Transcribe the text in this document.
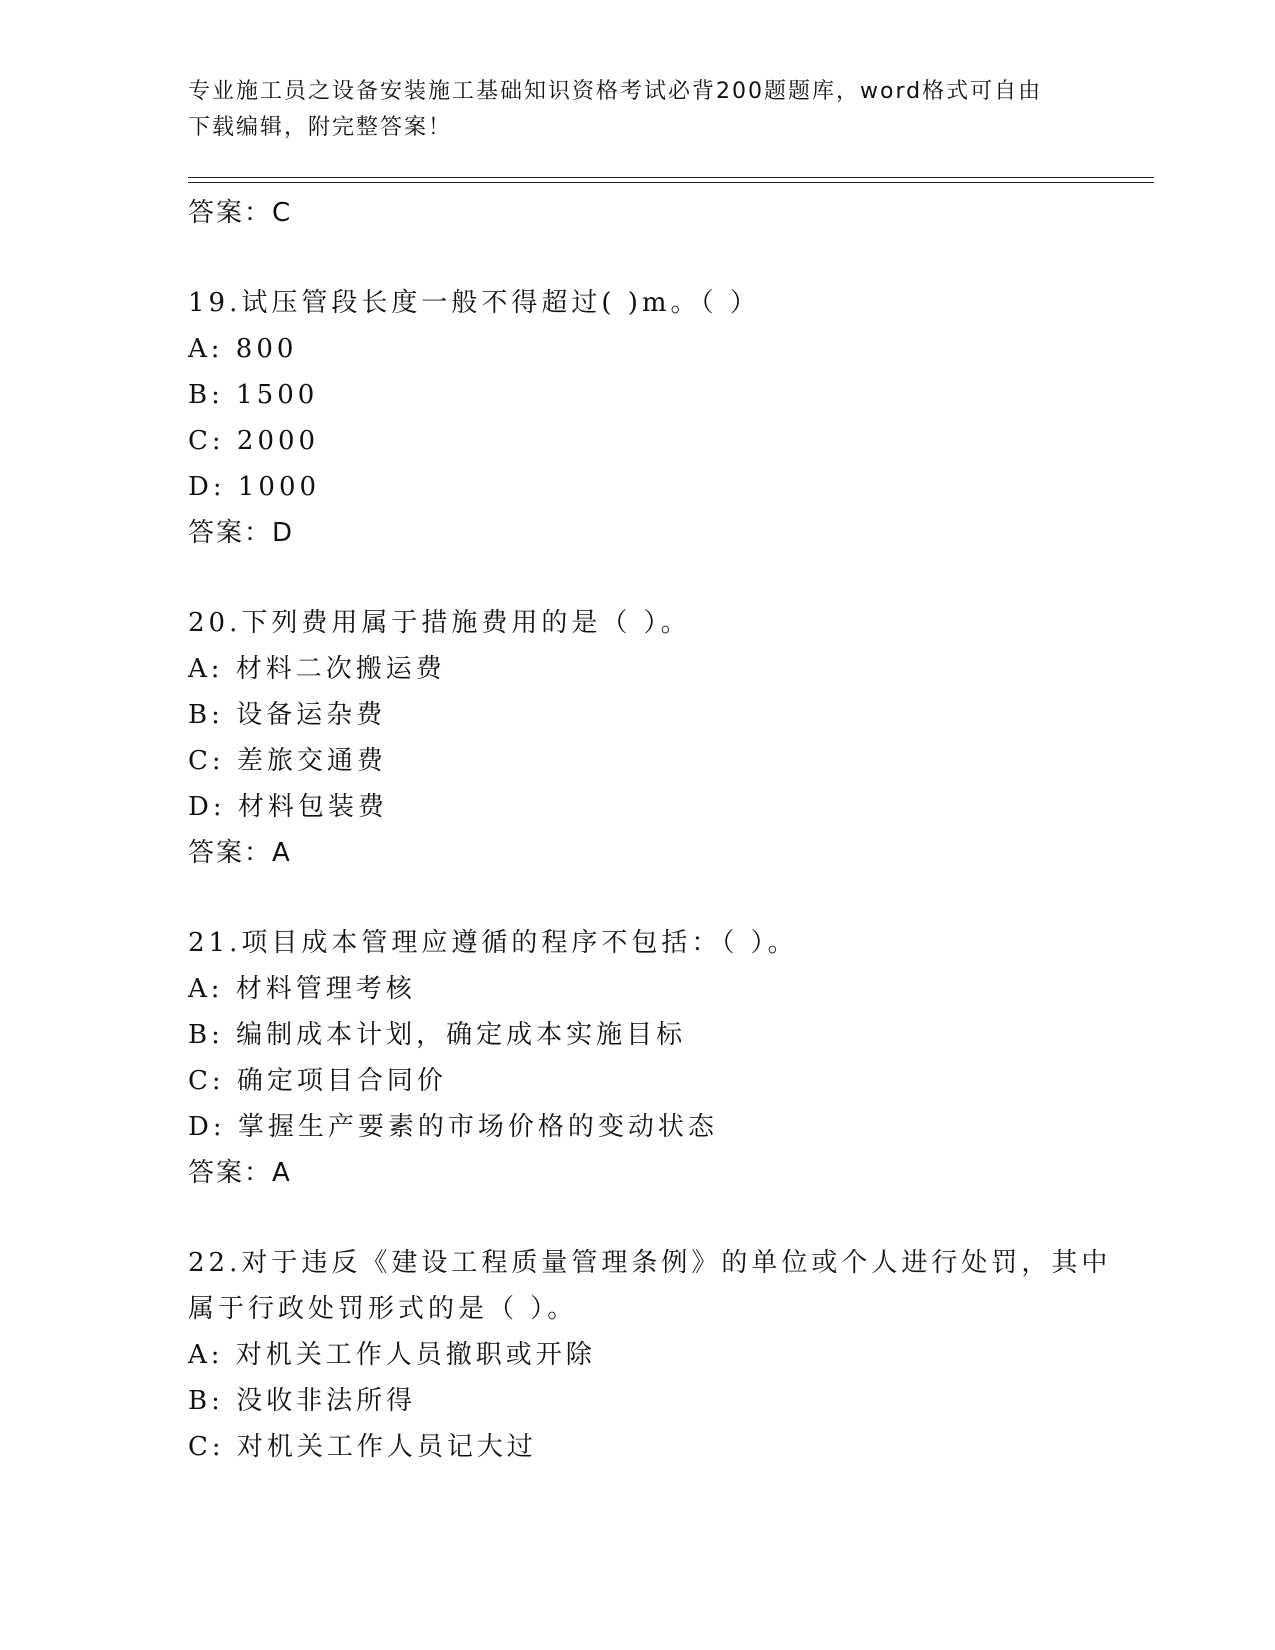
专业施工员之设备安装施工基础知识资格考试必背200题题库，word格式可自由
下载编辑，附完整答案！
答案：C
19.试压管段长度一般不得超过( )m。（ ）
A: 800
B: 1500
C: 2000
D: 1000
答案：D
20.下列费用属于措施费用的是（ ）。
A: 材料二次搬运费
B: 设备运杂费
C: 差旅交通费
D: 材料包装费
答案：A
21.项目成本管理应遵循的程序不包括：（ ）。
A: 材料管理考核
B: 编制成本计划，确定成本实施目标
C: 确定项目合同价
D: 掌握生产要素的市场价格的变动状态
答案：A
22.对于违反《建设工程质量管理条例》的单位或个人进行处罚，其中
属于行政处罚形式的是（ ）。
A: 对机关工作人员撤职或开除
B: 没收非法所得
C: 对机关工作人员记大过
